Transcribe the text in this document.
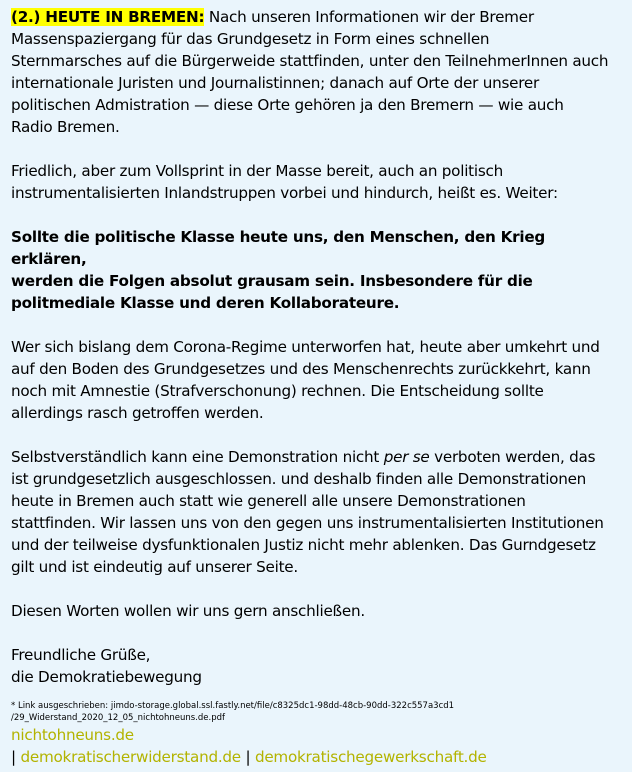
(2.) HEUTE IN BREMEN: Nach unseren Informationen wir der Bremer
Massenspaziergang für das Grundgesetz in Form eines schnellen
Sternmarsches auf die Bürgerweide stattfinden, unter den TeilnehmerInnen auch
internationale Juristen und Journalistinnen; danach auf Orte der unserer
politischen Admistration — diese Orte gehören ja den Bremern — wie auch
Radio Bremen.

Friedlich, aber zum Vollsprint in der Masse bereit, auch an politisch
instrumentalisierten Inlandstruppen vorbei und hindurch, heißt es. Weiter:

Sollte die politische Klasse heute uns, den Menschen, den Krieg erklären,
werden die Folgen absolut grausam sein. Insbesondere für die
politmediale Klasse und deren Kollaborateure.

Wer sich bislang dem Corona-Regime unterworfen hat, heute aber umkehrt und
auf den Boden des Grundgesetzes und des Menschenrechts zurückkehrt, kann
noch mit Amnestie (Strafverschonung) rechnen. Die Entscheidung sollte
allerdings rasch getroffen werden.

Selbstverständlich kann eine Demonstration nicht per se verboten werden, das
ist grundgesetzlich ausgeschlossen. und deshalb finden alle Demonstrationen
heute in Bremen auch statt wie generell alle unsere Demonstrationen
stattfinden. Wir lassen uns von den gegen uns instrumentalisierten Institutionen
und der teilweise dysfunktionalen Justiz nicht mehr ablenken. Das Gurndgesetz
gilt und ist eindeutig auf unserer Seite.

Diesen Worten wollen wir uns gern anschließen.

Freundliche Grüße,
die Demokratiebewegung

* Link ausgeschrieben: jimdo-storage.global.ssl.fastly.net/file/c8325dc1-98dd-48cb-90dd-322c557a3cd1
/29_Widerstand_2020_12_05_nichtohneuns.de.pdf
nichtohneuns.de
| demokratischerwiderstand.de | demokratischegewerkschaft.de
